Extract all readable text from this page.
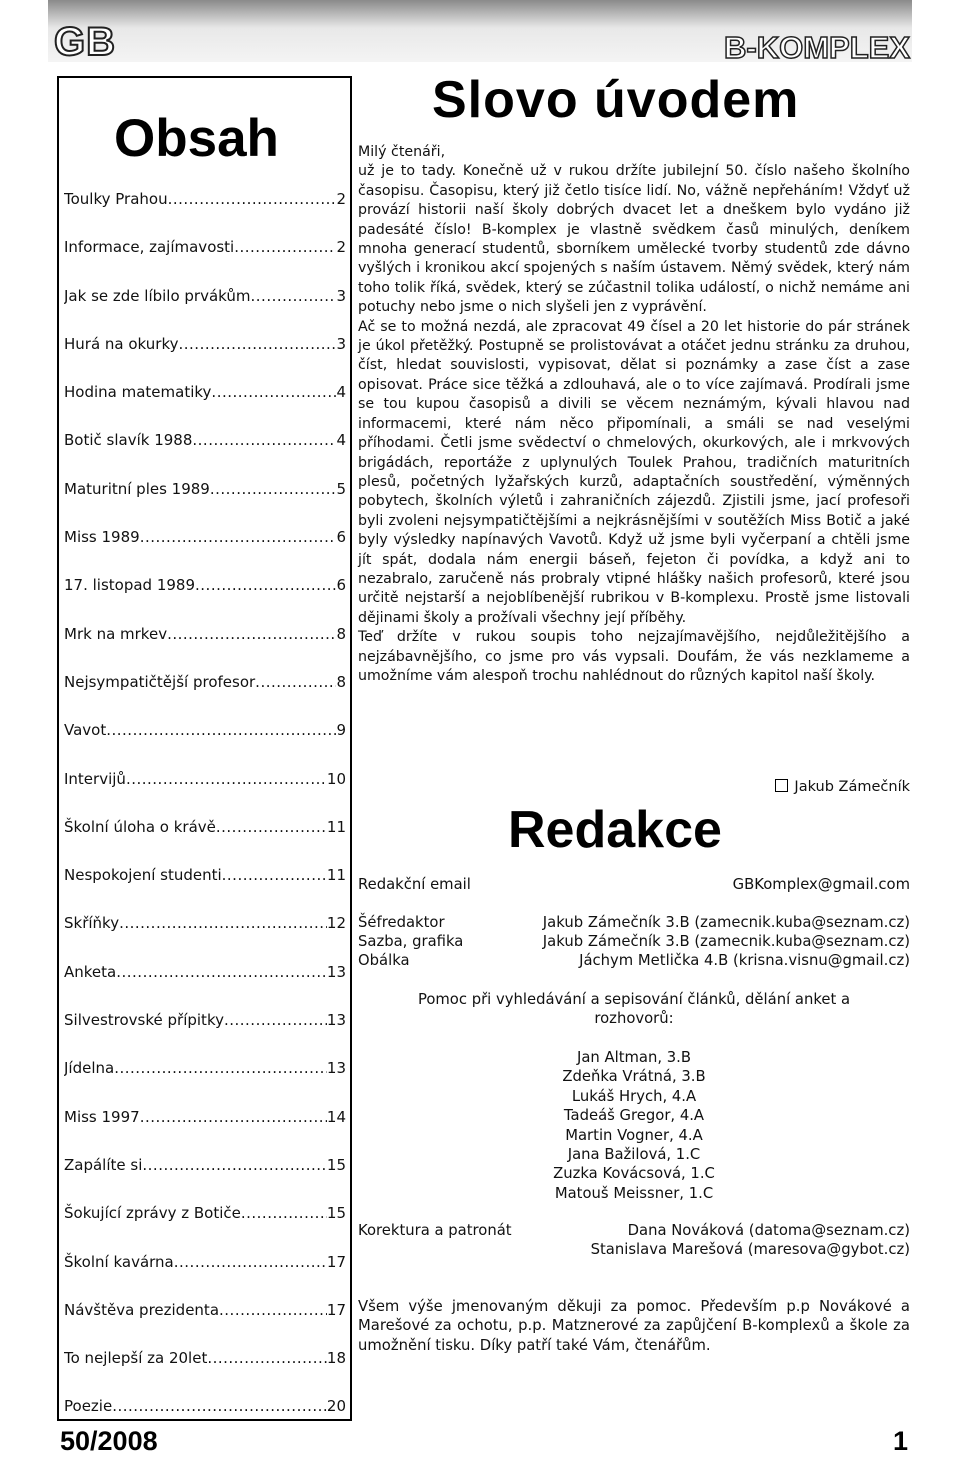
GB	B-KOMPLEX
Obsah
Toulky Prahou .....	2
Informace, zajímavosti .....	2
Jak se zde líbilo prvákům .....	3
Hurá na okurky .....	3
Hodina matematiky .....	4
Botič slavík 1988 .....	4
Maturitní ples 1989 .....	5
Miss 1989 .....	6
17. listopad 1989 .....	6
Mrk na mrkev .....	8
Nejsympatičtější profesor .....	8
Vavot .....	9
Intervijů .....	10
Školní úloha o krávě .....	11
Nespokojení studenti .....	11
Skříňky .....	12
Anketa .....	13
Silvestrovské přípitky .....	13
Jídelna .....	13
Miss 1997 .....	14
Zapálíte si .....	15
Šokující zprávy z Botiče .....	15
Školní kavárna .....	17
Návštěva prezidenta .....	17
To nejlepší za 20let .....	18
Poezie .....	20
Slovo úvodem

Milý čtenáři,

už je to tady. Konečně už v rukou držíte jubilejní 50. číslo našeho školního časopisu. Časopisu, který již četlo tisíce lidí. No, vážně nepřeháním! Vždyť už provází historii naší školy dobrých dvacet let a dneškem bylo vydáno již padesáté číslo! B-komplex je vlastně svědkem časů minulých, deníkem mnoha generací studentů, sborníkem umělecké tvorby studentů zde dávno vyšlých i kronikou akcí spojených s naším ústavem. Němý svědek, který nám toho tolik říká, svědek, který se zúčastnil tolika událostí, o nichž nemáme ani potuchy nebo jsme o nich slyšeli jen z vyprávění.

Ač se to možná nezdá, ale zpracovat 49 čísel a 20 let historie do pár stránek je úkol přetěžký. Postupně se prolistovávat a otáčet jednu stránku za druhou, číst, hledat souvislosti, vypisovat, dělat si poznámky a zase číst a zase opisovat. Práce sice těžká a zdlouhavá, ale o to více zajímavá. Prodírali jsme se tou kupou časopisů a divili se věcem neznámým, kývali hlavou nad informacemi, které nám něco připomínali, a smáli se nad veselými příhodami. Četli jsme svědectví o chmelových, okurkových, ale i mrkvových brigádách, reportáže z uplynulých Toulek Prahou, tradičních maturitních plesů, početných lyžařských kurzů, adaptačních soustředění, výměnných pobytech, školních výletů i zahraničních zájezdů. Zjistili jsme, jací profesoři byli zvoleni nejsympatičtějšími a nejkrásnějšími v soutěžích Miss Botič a jaké byly výsledky napínavých Vavotů. Když už jsme byli vyčerpaní a chtěli jsme jít spát, dodala nám energii báseň, fejeton či povídka, a když ani to nezabralo, zaručeně nás probraly vtipné hlášky našich profesorů, které jsou určitě nejstarší a nejoblíbenější rubrikou v B-komplexu. Prostě jsme listovali dějinami školy a prožívali všechny její příběhy.

Teď držíte v rukou soupis toho nejzajímavějšího, nejdůležitějšího a nejzábavnějšího, co jsme pro vás vypsali. Doufám, že vás nezklameme a umožníme vám alespoň trochu nahlédnout do různých kapitol naší školy.

Jakub Zámečník
Redakce
Redakční email	GBKomplex@gmail.com
Šéfredaktor	Jakub Zámečník 3.B (zamecnik.kuba@seznam.cz)
Sazba, grafika	Jakub Zámečník 3.B (zamecnik.kuba@seznam.cz)
Obálka	Jáchym Metlička 4.B (krisna.visnu@gmail.cz)
Pomoc při vyhledávání a sepisování článků, dělání anket a rozhovorů:
Jan Altman, 3.B
Zdeňka Vrátná, 3.B
Lukáš Hrych, 4.A
Tadeáš Gregor, 4.A
Martin Vogner, 4.A
Jana Bažilová, 1.C
Zuzka Kovácsová, 1.C
Matouš Meissner, 1.C
Korektura a patronát	Dana Nováková (datoma@seznam.cz)
Stanislava Marešová (maresova@gybot.cz)
Všem výše jmenovaným děkuji za pomoc. Především p.p Novákové a Marešové za ochotu, p.p. Matznerové za zapůjčení B-komplexů a škole za umožnění tisku. Díky patří také Vám, čtenářům.
50/2008	1
